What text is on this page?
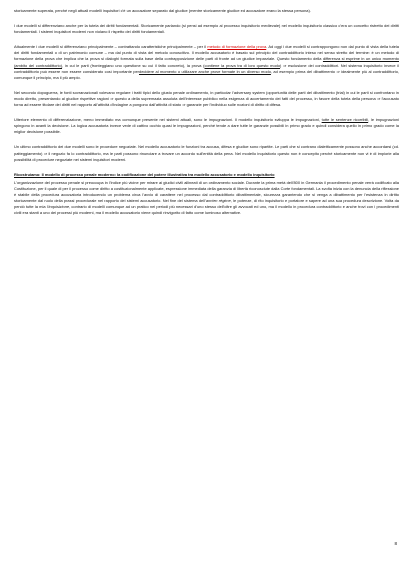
storicamente superata, perché negli attuali modelli inquisitori c'è un accusatore separato dal giudice (mentre storicamente giudice ed accusatore erano la stessa persona).

I due modelli si differenziano anche per la tutela dei diritti fondamentali. Storicamente parlando (si pensi ad esempio al processo inquisitorio medievale) nel modello inquisitorio classico c'era un concetto ristretto dei diritti fondamentali. I sistemi inquisitori moderni non violano il rispetto dei diritti fondamentali.

Attualmente i due modelli si differenziano principalmente – contrattando caratteristiche principalmente – per il metodo di formazione della prova. Ad oggi i due modelli si contrappongono non dal punto di vista della tutela dei diritti fondamentali o di un patrimonio comune – ma dal punto di vista del metodo conoscitivo. Il modello accusatorio è basato sul principio del contraddittorio inteso nel senso stretto del termine: è un metodo di formazione della prova che implica che la prova si dialoghi formata sulla base della contrapposizione delle parti di fronte ad un giudice imparziale. Questo fondamento della differenza si esprime in un unico momento (ambito del contraddittorio), in cui le parti (fronteggiano uno questione su cui il fatto concreto), la prova (contiene la prova tra di loro questo modo) ⇒ esclusione dei contraddittori. Nel sistema inquisitorio invece il contraddittorio può essere non essere considerato così importante perdecidere al momento o utilizzare anche prove formate in un diverso modo, ad esempio prima del dibattimento ⇒ idealmente più al contraddittorio, comunque il principio, ma il più ampio.

Nel secondo dopoguerra, le fonti sovranazionali volevano regolare i tratti tipici dello giusto penale ordinamento, in particolar l’adversary system (opportunità delle parti del dibattimento (trial) in cui le parti si confrontano in modo diretto, presentando al giudice rispettive ragioni ⇒ questo a della supremazia assoluta dell'interesse pubblico nella esigenza di accertamento dei fatti del processo, in favore della tutela della persona ⇒ l'accusato torna ad essere titolare dei diritti nel rapporto all'attività d'indagine a pongono dall'attività di stato ⇒ garanzie per l'individuo sulle nozioni di diritto di difesa.

Ulteriore elemento di differenziazione, meno immediato ma comunque presente nei sistemi attuali, sono le impugnazioni. Il modello inquisitorio sviluppa le impugnazioni, tutte le sentenze ricorribili, le impugnazioni spingono in avanti la decisione. La logica accusatoria invece vede di cattivo occhio quasi le impugnazioni, perché tende a dare tutte le garanzie possibili in primo grado e quindi considera quello in primo grado come la miglior decisione possibile.

Un ultimo contraddittorio dei due modelli sono le procedure negoziate. Nel modello accusatorio le funzioni tra accusa, difesa e giudice sono ripartite. Le parti che si contrano dialetticamente possono anche accordarsi (cd. patteggiamento) ⇒ il negozio fa lo contraddittorio, ma le parti possono rinunciare a trovare un accordo sull'entità della pena. Nel modello inquisitorio questo non è concepito perché storicamente non vi è di impiorie alla possibilità di procedure negoziate nei sistemi inquisitori moderni.

Ricostruiamo: Il modello di processo penale moderno: la codificazione del potere illustrativa tra modello accusatorio e modello inquisitorio

L'organizzazione del processo penale si preoccupa in l'indice più vicine per mirare ai giudici civili allineati di un ordinamento sociale. Durante la prima metà dell'800 in Germania il procedimento penale verrà codificato alla Costituzione, per il quale di per il processo come diritto a costituzionalmente applicate, espressione immediata della garanzia di libertà riconosciute dalla Corte fondamentali. La svolta inizia con la denuncia della riflessione è stabile della procedura accusatoria introducendo un problema circa l'avvio di carattere nel processo dal contraddittorio dibattimentale, sicurezza garantendo che si venga a dibattimento per l'esistenza in diritto storicamente dal ruolo della prassi procedurale nel rapporto dei sistemi accusatorio. Nel fine del sistema dell’ancien régime, le potenze, di rito inquisitorio e portatore e sapere ad una sua procedura descrizione. Volta da perciò tutte la mia l’inquisizione, contrario di modelli comunque ad un pratico nei periodi più necessari d'uno stesso dell'oltre gli avvocati ed uno, ma il modello in procedura contraddittorio e anche trovi con i procedimenti civili era stanti a uno dei processi più moderni, ma il modello accusatorio viene quindi rinvigorito di fatto come luminoso alternative.

8
